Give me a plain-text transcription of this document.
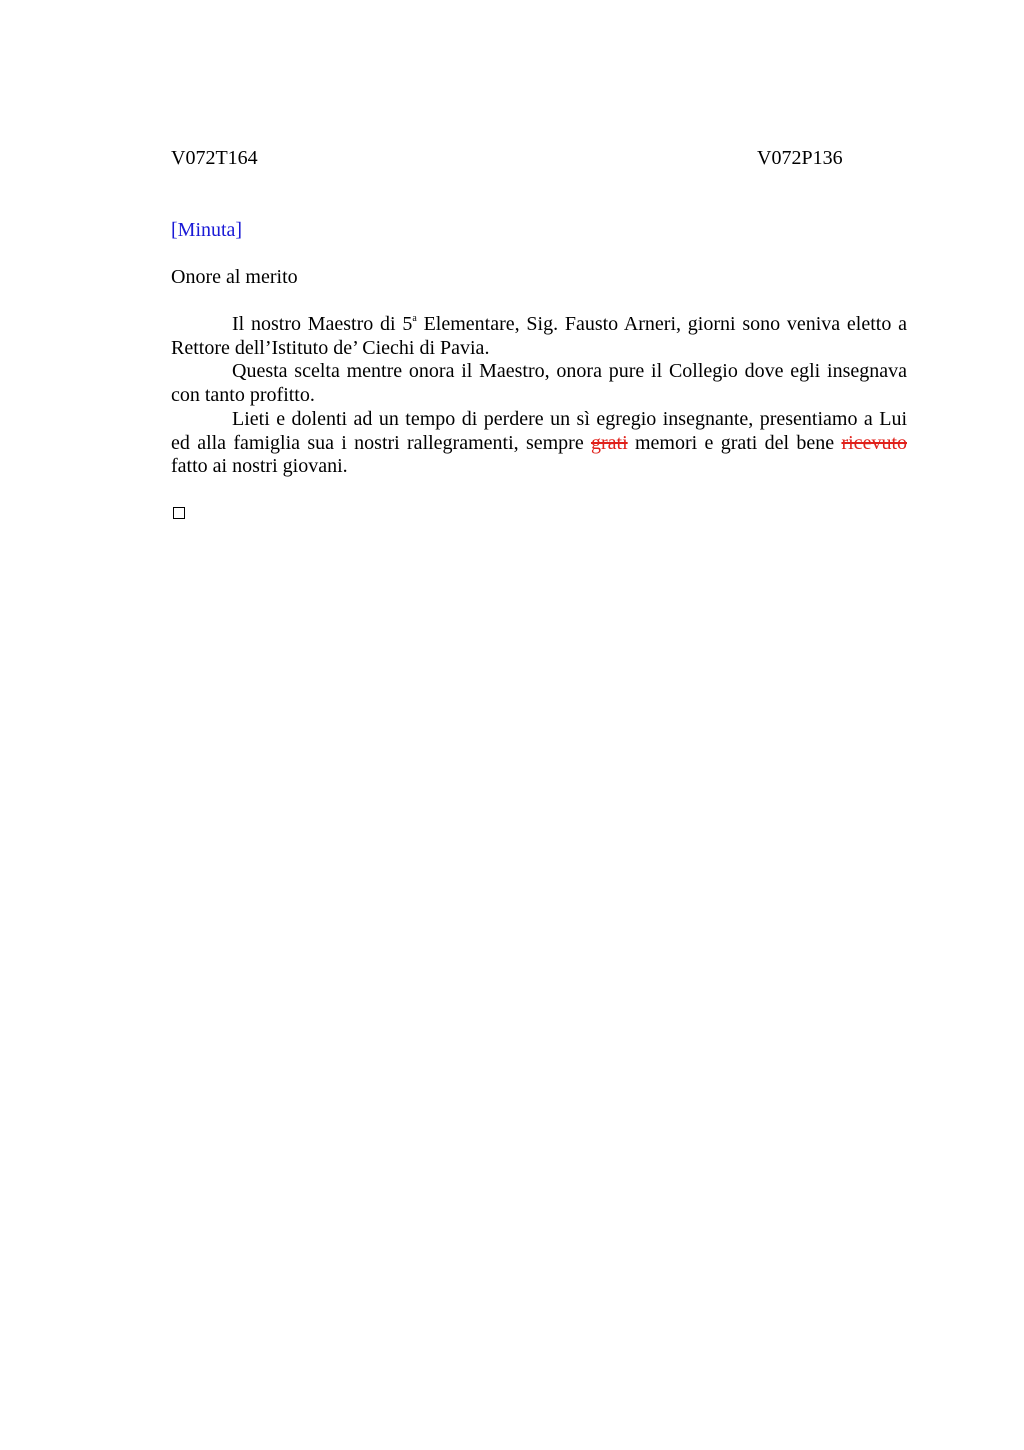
V072T164	V072P136
[Minuta]
Onore al merito

Il nostro Maestro di 5$^a$ Elementare, Sig. Fausto Arneri, giorni sono veniva eletto a Rettore dell’Istituto de’ Ciechi di Pavia.

Questa scelta mentre onora il Maestro, onora pure il Collegio dove egli insegnava con tanto profitto.

Lieti e dolenti ad un tempo di perdere un sì egregio insegnante, presentiamo a Lui ed alla famiglia sua i nostri rallegramenti, sempre grati memori e grati del bene ricevuto fatto ai nostri giovani.
